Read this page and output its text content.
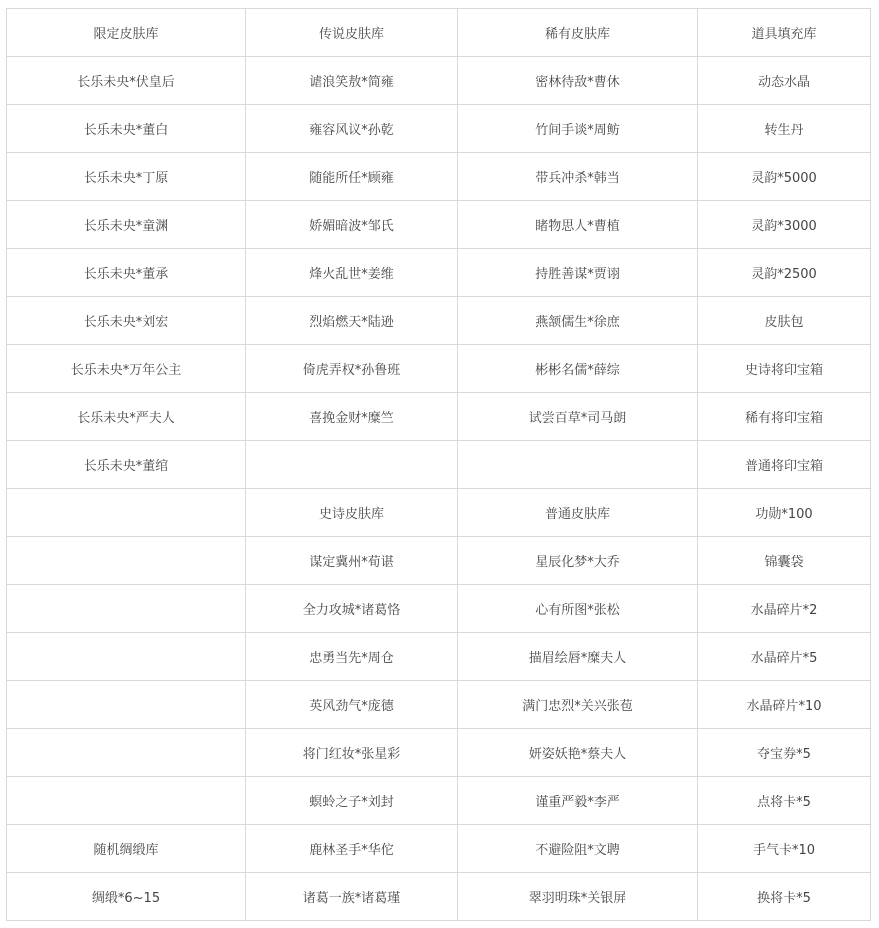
限定皮肤库	传说皮肤库	稀有皮肤库	道具填充库
长乐未央*伏皇后	谑浪笑敖*简雍	密林待敌*曹休	动态水晶
长乐未央*董白	雍容风议*孙乾	竹间手谈*周鲂	转生丹
长乐未央*丁原	随能所任*顾雍	带兵冲杀*韩当	灵韵*5000
长乐未央*童渊	娇媚暗波*邹氏	睹物思人*曹植	灵韵*3000
长乐未央*董承	烽火乱世*姜维	持胜善谋*贾诩	灵韵*2500
长乐未央*刘宏	烈焰燃天*陆逊	燕颔儒生*徐庶	皮肤包
长乐未央*万年公主	倚虎弄权*孙鲁班	彬彬名儒*薛综	史诗将印宝箱
长乐未央*严夫人	喜挽金财*糜竺	试尝百草*司马朗	稀有将印宝箱
长乐未央*董绾			普通将印宝箱
	史诗皮肤库	普通皮肤库	功勋*100
	谋定冀州*荀谌	星辰化梦*大乔	锦囊袋
	全力攻城*诸葛恪	心有所图*张松	水晶碎片*2
	忠勇当先*周仓	描眉绘唇*糜夫人	水晶碎片*5
	英风劲气*庞德	满门忠烈*关兴张苞	水晶碎片*10
	将门红妆*张星彩	妍姿妖艳*蔡夫人	夺宝券*5
	螟蛉之子*刘封	谨重严毅*李严	点将卡*5
随机绸缎库	鹿林圣手*华佗	不避险阻*文聘	手气卡*10
绸缎*6~15	诸葛一族*诸葛瑾	翠羽明珠*关银屏	换将卡*5
